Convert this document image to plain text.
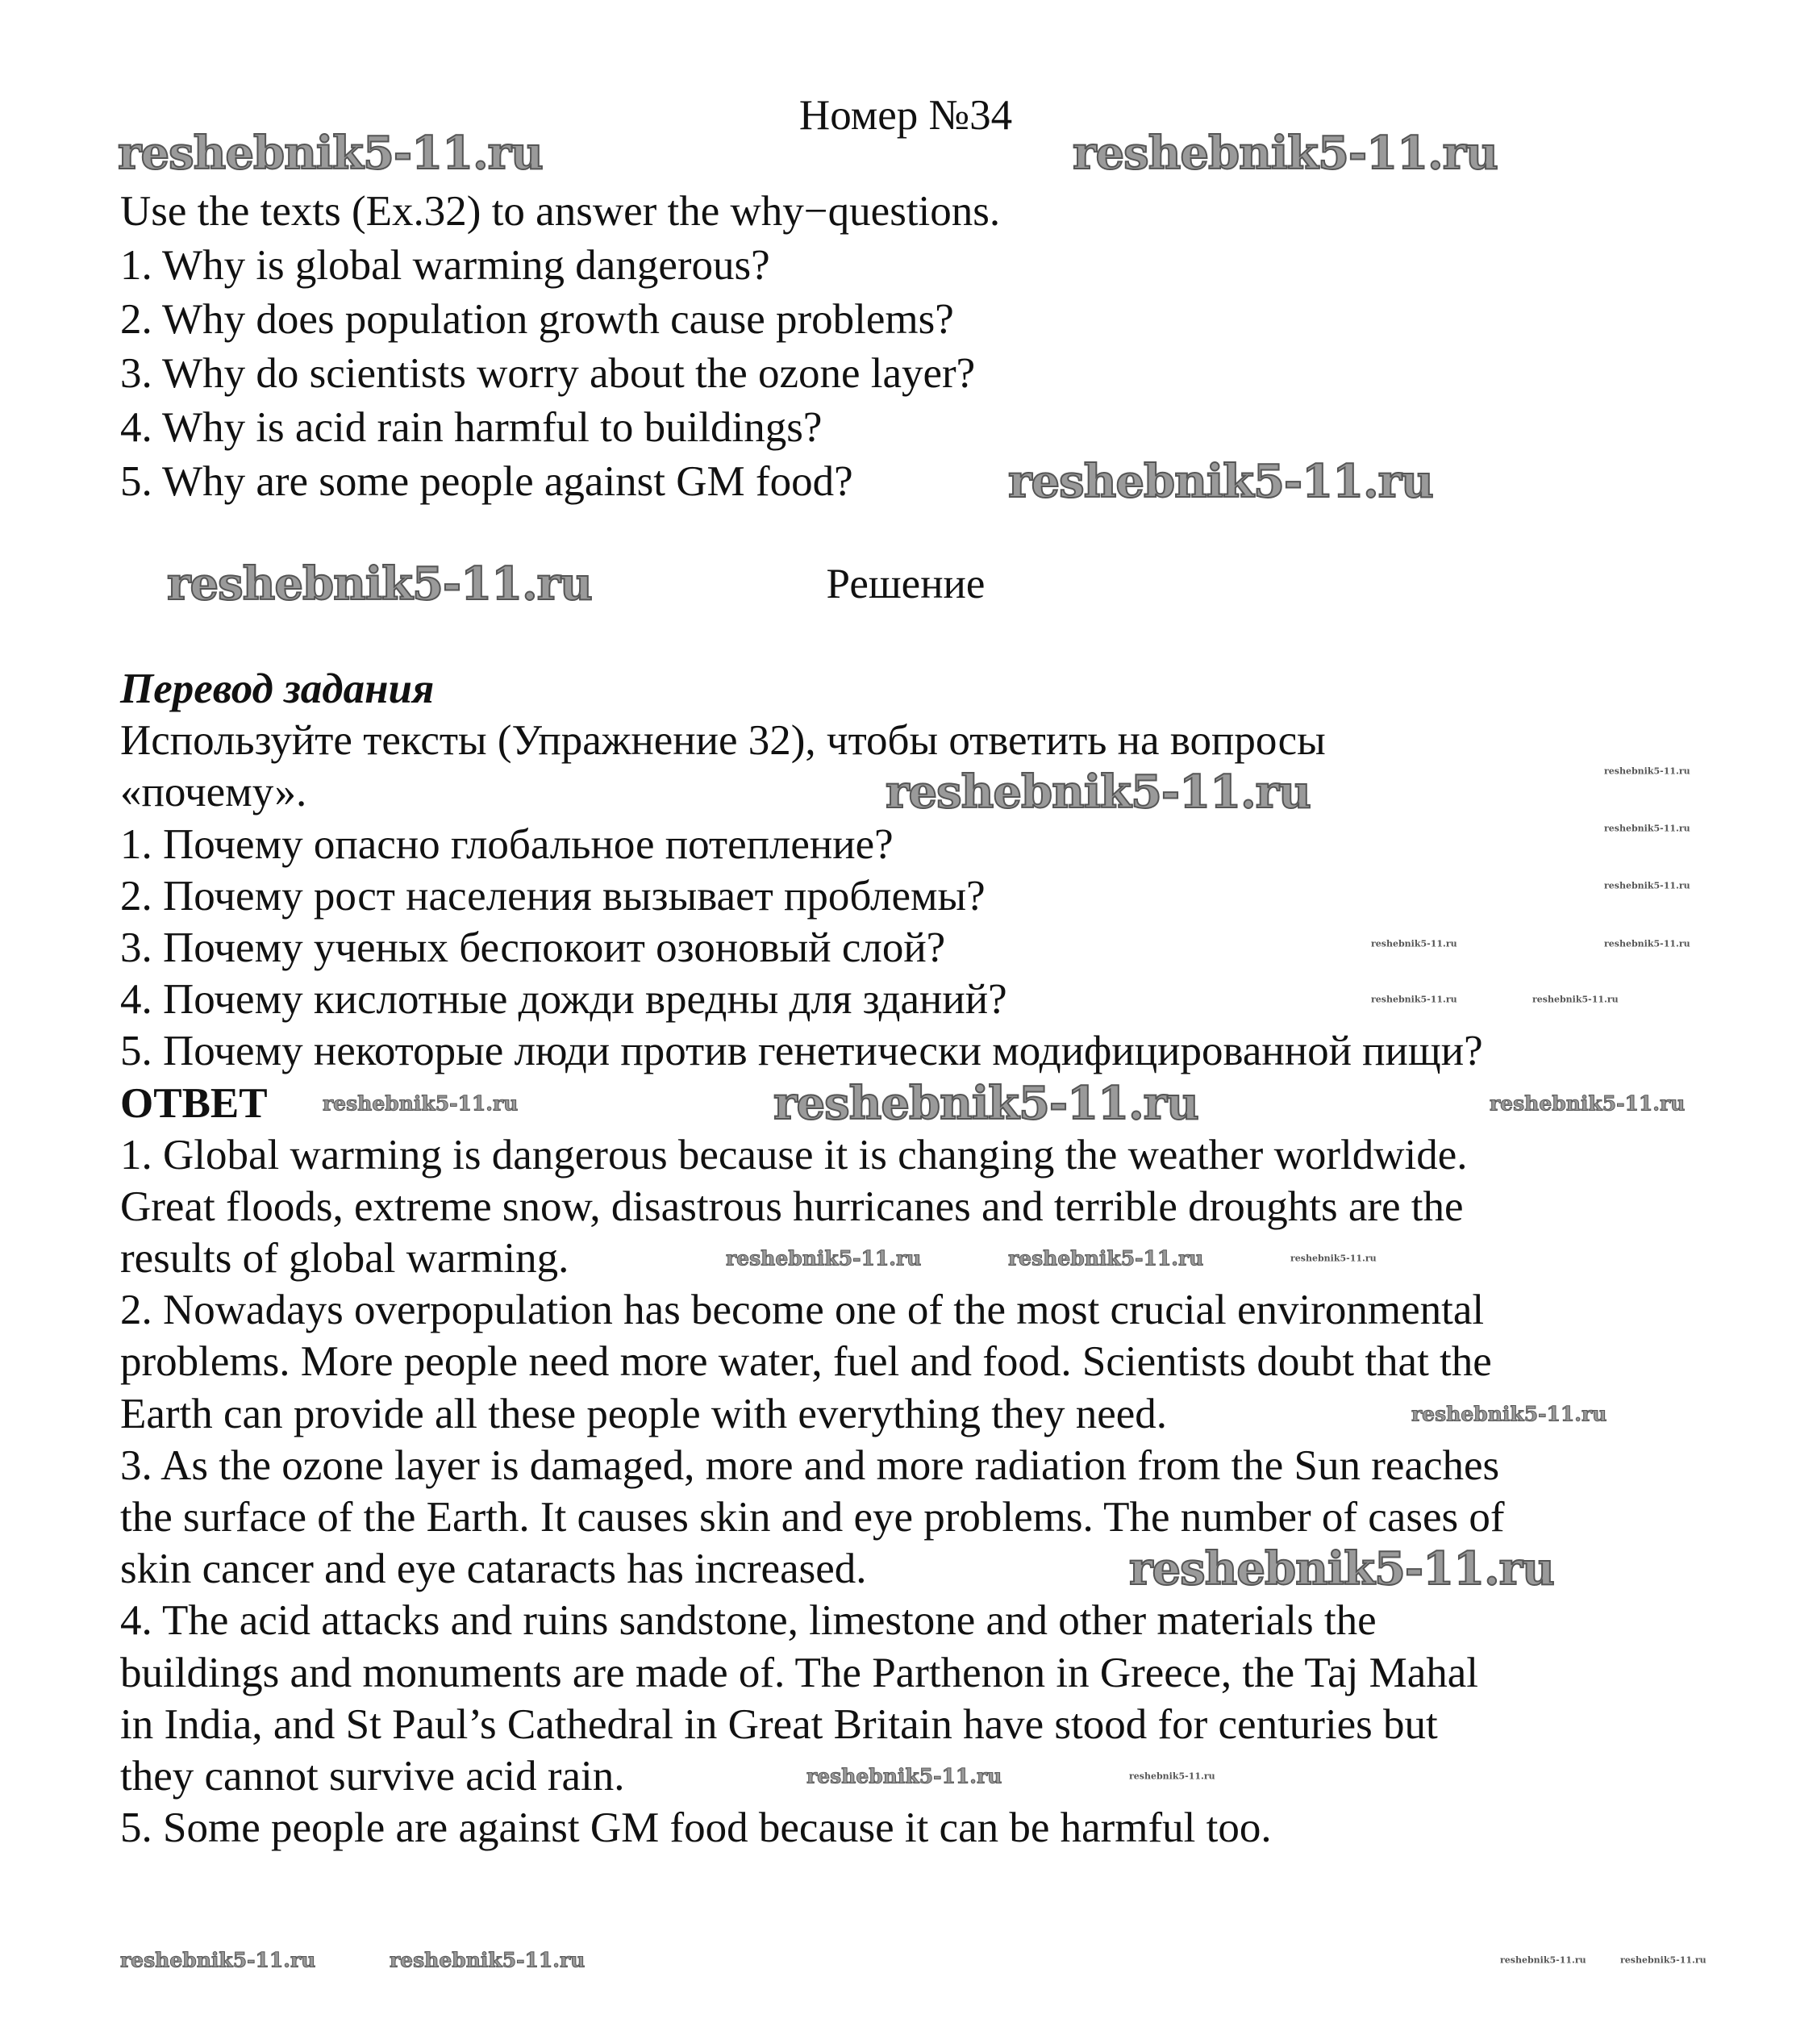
Номер №34
Use the texts (Ex.32) to answer the why−questions.
1. Why is global warming dangerous?
2. Why does population growth cause problems?
3. Why do scientists worry about the ozone layer?
4. Why is acid rain harmful to buildings?
5. Why are some people against GM food?
Решение
Перевод задания
Используйте тексты (Упражнение 32), чтобы ответить на вопросы
«почему».
1. Почему опасно глобальное потепление?
2. Почему рост населения вызывает проблемы?
3. Почему ученых беспокоит озоновый слой?
4. Почему кислотные дожди вредны для зданий?
5. Почему некоторые люди против генетически модифицированной пищи?
ОТВЕТ
1. Global warming is dangerous because it is changing the weather worldwide.
Great floods, extreme snow, disastrous hurricanes and terrible droughts are the
results of global warming.
2. Nowadays overpopulation has become one of the most crucial environmental
problems. More people need more water, fuel and food. Scientists doubt that the
Earth can provide all these people with everything they need.
3. As the ozone layer is damaged, more and more radiation from the Sun reaches
the surface of the Earth. It causes skin and eye problems. The number of cases of
skin cancer and eye cataracts has increased.
4. The acid attacks and ruins sandstone, limestone and other materials the
buildings and monuments are made of. The Parthenon in Greece, the Taj Mahal
in India, and St Paul’s Cathedral in Great Britain have stood for centuries but
they cannot survive acid rain.
5. Some people are against GM food because it can be harmful too.
reshebnik5-11.ru	reshebnik5-11.ru
reshebnik5-11.ru
reshebnik5-11.ru
reshebnik5-11.ru
reshebnik5-11.ru
reshebnik5-11.ru
reshebnik5-11.ru	reshebnik5-11.ru
reshebnik5-11.ru	reshebnik5-11.ru
reshebnik5-11.ru
reshebnik5-11.ru
reshebnik5-11.ru
reshebnik5-11.ru
reshebnik5-11.ru
reshebnik5-11.ru
reshebnik5-11.ru
reshebnik5-11.ru
reshebnik5-11.ru
reshebnik5-11.ru	reshebnik5-11.ru
reshebnik5-11.ru
reshebnik5-11.ru
reshebnik5-11.ru	reshebnik5-11.ru
